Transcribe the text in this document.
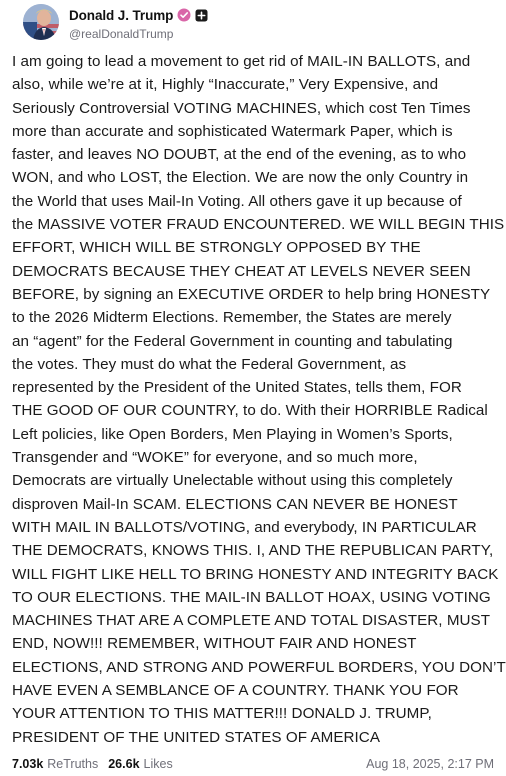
Donald J. Trump
@realDonaldTrump
I am going to lead a movement to get rid of MAIL-IN BALLOTS, and
also, while we’re at it, Highly “Inaccurate,” Very Expensive, and
Seriously Controversial VOTING MACHINES, which cost Ten Times
more than accurate and sophisticated Watermark Paper, which is
faster, and leaves NO DOUBT, at the end of the evening, as to who
WON, and who LOST, the Election. We are now the only Country in
the World that uses Mail-In Voting. All others gave it up because of
the MASSIVE VOTER FRAUD ENCOUNTERED. WE WILL BEGIN THIS
EFFORT, WHICH WILL BE STRONGLY OPPOSED BY THE
DEMOCRATS BECAUSE THEY CHEAT AT LEVELS NEVER SEEN
BEFORE, by signing an EXECUTIVE ORDER to help bring HONESTY
to the 2026 Midterm Elections. Remember, the States are merely
an “agent” for the Federal Government in counting and tabulating
the votes. They must do what the Federal Government, as
represented by the President of the United States, tells them, FOR
THE GOOD OF OUR COUNTRY, to do. With their HORRIBLE Radical
Left policies, like Open Borders, Men Playing in Women’s Sports,
Transgender and “WOKE” for everyone, and so much more,
Democrats are virtually Unelectable without using this completely
disproven Mail-In SCAM. ELECTIONS CAN NEVER BE HONEST
WITH MAIL IN BALLOTS/VOTING, and everybody, IN PARTICULAR
THE DEMOCRATS, KNOWS THIS. I, AND THE REPUBLICAN PARTY,
WILL FIGHT LIKE HELL TO BRING HONESTY AND INTEGRITY BACK
TO OUR ELECTIONS. THE MAIL-IN BALLOT HOAX, USING VOTING
MACHINES THAT ARE A COMPLETE AND TOTAL DISASTER, MUST
END, NOW!!! REMEMBER, WITHOUT FAIR AND HONEST
ELECTIONS, AND STRONG AND POWERFUL BORDERS, YOU DON’T
HAVE EVEN A SEMBLANCE OF A COUNTRY. THANK YOU FOR
YOUR ATTENTION TO THIS MATTER!!! DONALD J. TRUMP,
PRESIDENT OF THE UNITED STATES OF AMERICA
7.03k ReTruths 26.6k Likes	Aug 18, 2025, 2:17 PM
